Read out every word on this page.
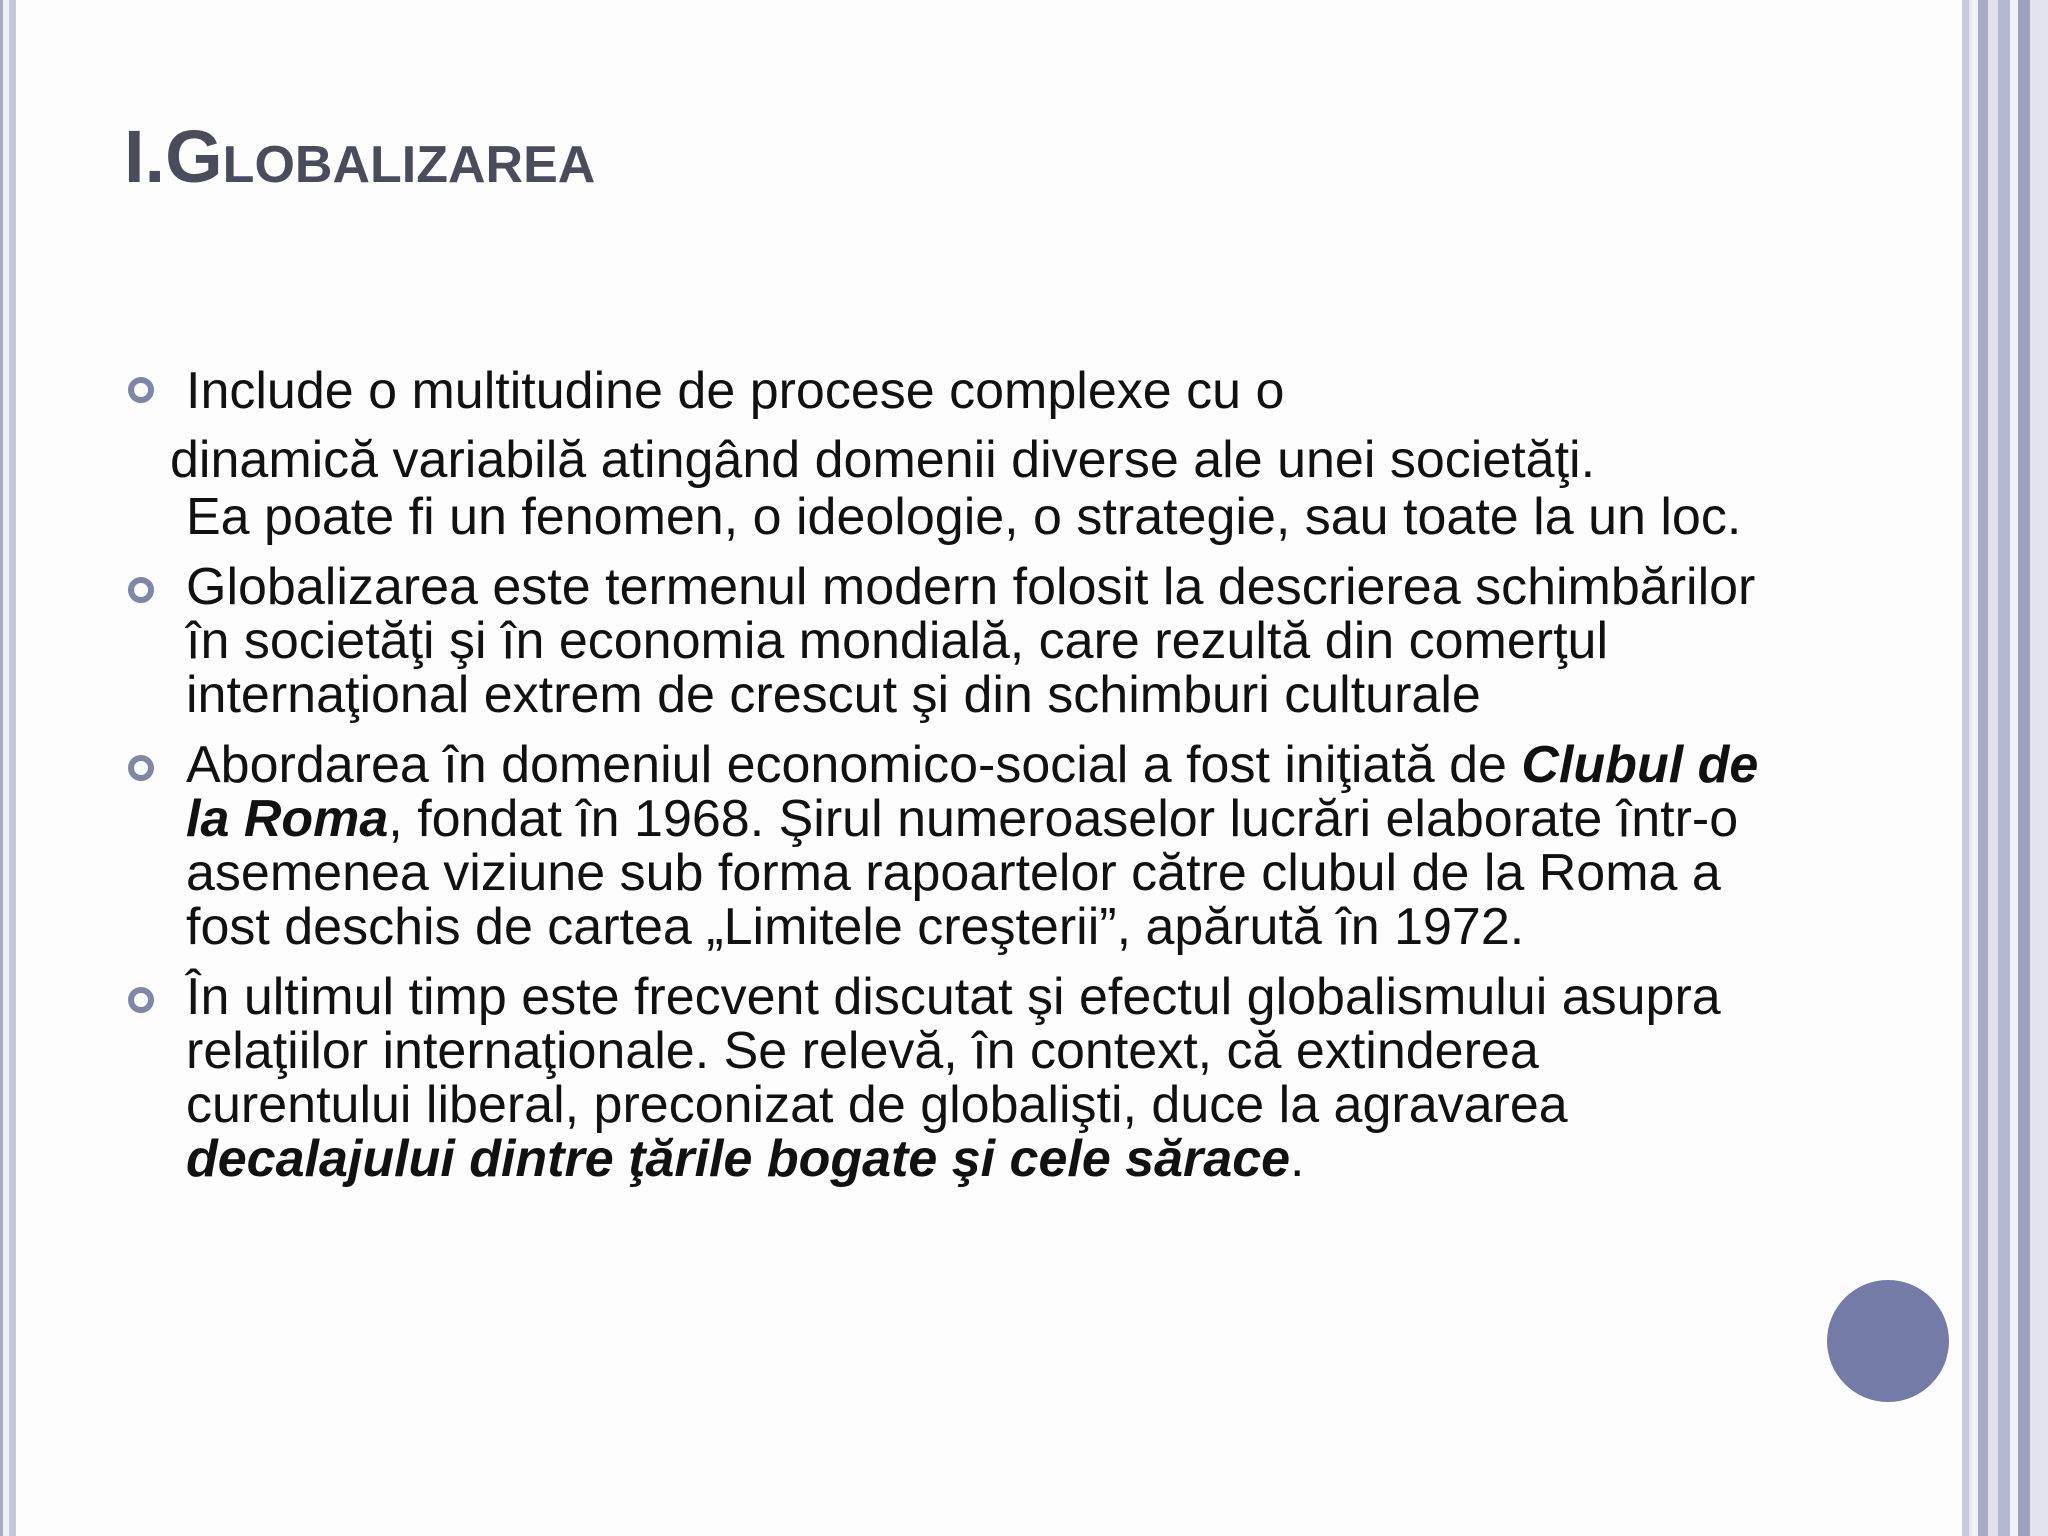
I.Globalizarea
Include o multitudine de procese complexe cu o
dinamică variabilă atingând domenii diverse ale unei societăţi.
Ea poate fi un fenomen, o ideologie, o strategie, sau toate la un loc.
Globalizarea este termenul modern folosit la descrierea schimbărilor în societăţi şi în economia mondială, care rezultă din comerţul internaţional extrem de crescut şi din schimburi culturale
Abordarea în domeniul economico-social a fost iniţiată de Clubul de la Roma, fondat în 1968. Şirul numeroaselor lucrări elaborate într-o asemenea viziune sub forma rapoartelor către clubul de la Roma a fost deschis de cartea „Limitele creşterii”, apărută în 1972.
În ultimul timp este frecvent discutat şi efectul globalismului asupra relaţiilor internaţionale. Se relevă, în context, că extinderea curentului liberal, preconizat de globalişti, duce la agravarea decalajului dintre ţările bogate şi cele sărace.
